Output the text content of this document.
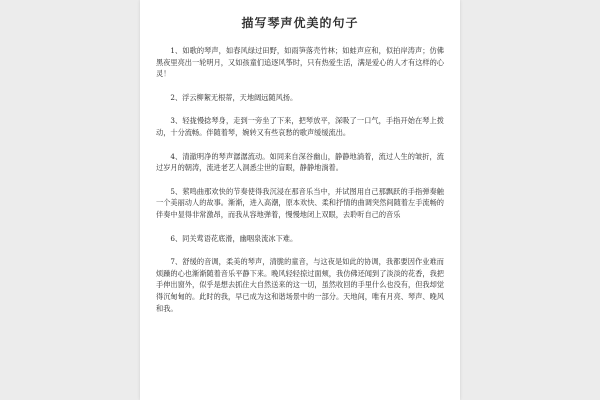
描写琴声优美的句子

1、如歌的琴声，如春风绿过田野，如雨笋落壳竹林；如蛙声应和，似拍岸涛声；仿佛黑夜里亮出一轮明月，又如孩童们追逐风筝时，只有热爱生活，满是爱心的人才有这样的心灵！

2、浮云柳絮无根蒂，天地阔远随风扬。

3、轻拢慢捻琴身，走到一旁坐了下来，把琴放平，深吸了一口气，手指开始在琴上拨动，十分流畅。伴随着琴，婉转又有些哀愁的歌声缓缓流出。

4、清澈明净的琴声潺潺流动。如同来自深谷幽山，静静地淌着，流过人生的皱折，流过岁月的朝涛，流进老艺人洞悉尘世的盲眼，静静地淌着。

5、萦鸣曲那欢快的节奏使得我沉浸在那音乐当中，并试图用自己那飘跃的手指弹奏触一个美丽动人的故事。渐渐，进入高潮，原本欢快、柔和抒情的曲调突然间随着左手流畅的伴奏中显得非常激昂，而我从容地弹着，慢慢地闭上双眼，去聆听自己的音乐

6、同关莺语花底滑，幽咽泉流冰下难。

7、舒缓的音调，柔美的琴声，清脆的童音，与这夜是如此的协调，我都要因作业难而烦躁的心也渐渐随着音乐平静下来。晚风轻轻掠过面颊，我仿佛还闻到了淡淡的花香，我把手伸出窗外，似乎是想去抓住大自然送来的这一切，虽然收回的手里什么也没有，但我却觉得沉甸甸的。此时的我，早已成为这和谐场景中的一部分。天地间，唯有月亮、琴声、晚风和我。
